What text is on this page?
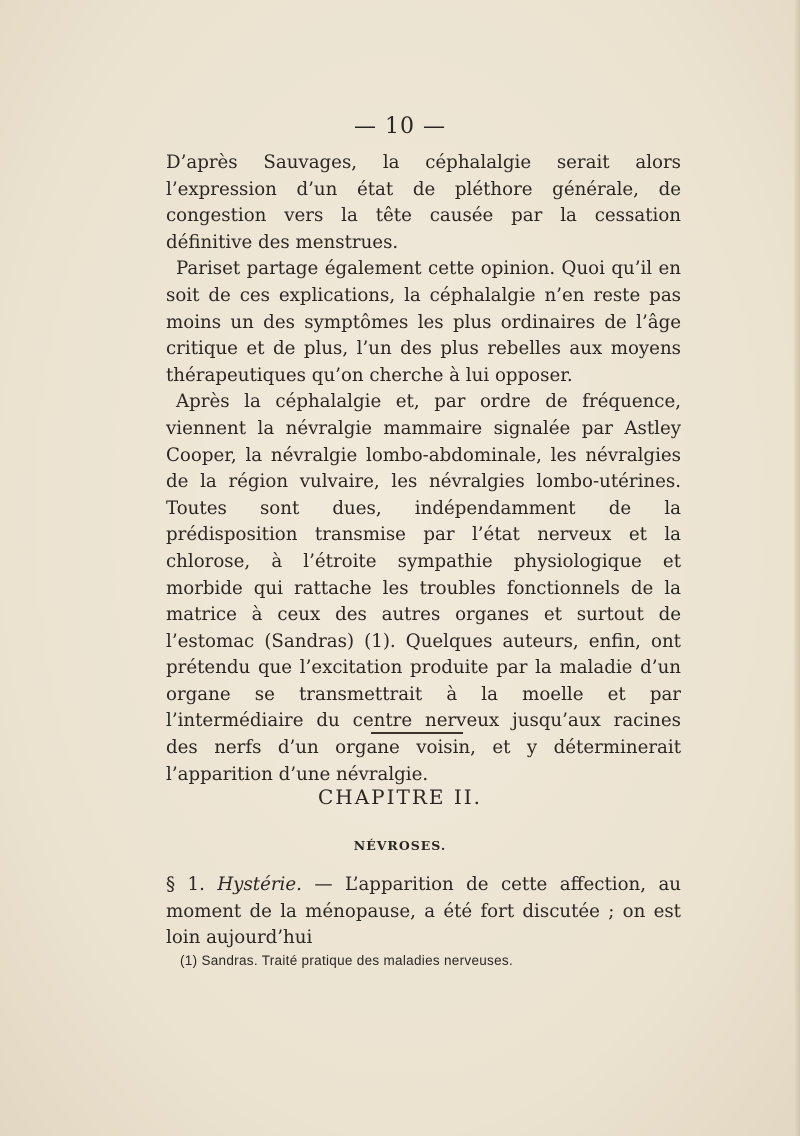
— 10 —

D’après Sauvages, la céphalalgie serait alors l’expression d’un état de pléthore générale, de congestion vers la tête causée par la cessation définitive des menstrues.

Pariset partage également cette opinion. Quoi qu’il en soit de ces explications, la céphalalgie n’en reste pas moins un des symptômes les plus ordinaires de l’âge critique et de plus, l’un des plus rebelles aux moyens thérapeutiques qu’on cherche à lui opposer.

Après la céphalalgie et, par ordre de fréquence, viennent la névralgie mammaire signalée par Astley Cooper, la névralgie lombo-abdominale, les névralgies de la région vulvaire, les névralgies lombo-utérines. Toutes sont dues, indépendamment de la prédisposition transmise par l’état nerveux et la chlorose, à l’étroite sympathie physiologique et morbide qui rattache les troubles fonctionnels de la matrice à ceux des autres organes et surtout de l’estomac (Sandras) (1). Quelques auteurs, enfin, ont prétendu que l’excitation produite par la maladie d’un organe se transmettrait à la moelle et par l’intermédiaire du centre nerveux jusqu’aux racines des nerfs d’un organe voisin, et y déterminerait l’apparition d’une névralgie.

CHAPITRE II.
NÉVROSES.
§ 1. Hystérie. — L’apparition de cette affection, au moment de la ménopause, a été fort discutée ; on est loin aujourd’hui
(1) Sandras. Traité pratique des maladies nerveuses.
